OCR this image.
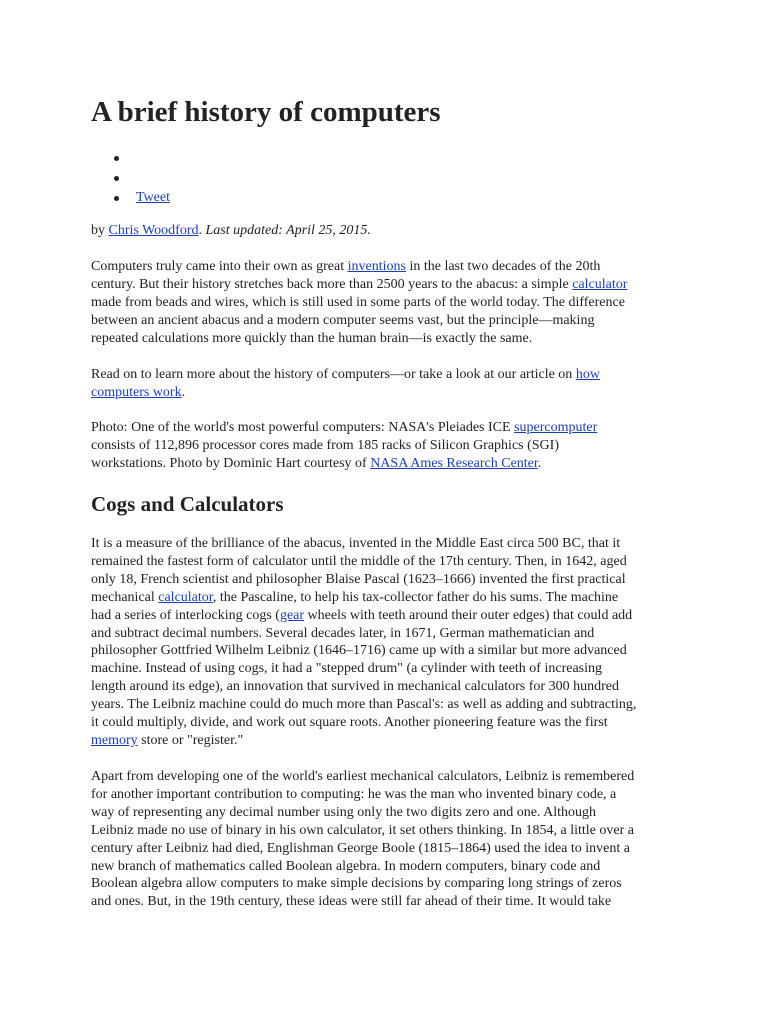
A brief history of computers
Tweet
by Chris Woodford. Last updated: April 25, 2015.

Computers truly came into their own as great inventions in the last two decades of the 20th
century. But their history stretches back more than 2500 years to the abacus: a simple calculator
made from beads and wires, which is still used in some parts of the world today. The difference
between an ancient abacus and a modern computer seems vast, but the principle—making
repeated calculations more quickly than the human brain—is exactly the same.

Read on to learn more about the history of computers—or take a look at our article on how
computers work.

Photo: One of the world's most powerful computers: NASA's Pleiades ICE supercomputer
consists of 112,896 processor cores made from 185 racks of Silicon Graphics (SGI)
workstations. Photo by Dominic Hart courtesy of NASA Ames Research Center.

Cogs and Calculators

It is a measure of the brilliance of the abacus, invented in the Middle East circa 500 BC, that it
remained the fastest form of calculator until the middle of the 17th century. Then, in 1642, aged
only 18, French scientist and philosopher Blaise Pascal (1623–1666) invented the first practical
mechanical calculator, the Pascaline, to help his tax-collector father do his sums. The machine
had a series of interlocking cogs (gear wheels with teeth around their outer edges) that could add
and subtract decimal numbers. Several decades later, in 1671, German mathematician and
philosopher Gottfried Wilhelm Leibniz (1646–1716) came up with a similar but more advanced
machine. Instead of using cogs, it had a "stepped drum" (a cylinder with teeth of increasing
length around its edge), an innovation that survived in mechanical calculators for 300 hundred
years. The Leibniz machine could do much more than Pascal's: as well as adding and subtracting,
it could multiply, divide, and work out square roots. Another pioneering feature was the first
memory store or "register."

Apart from developing one of the world's earliest mechanical calculators, Leibniz is remembered
for another important contribution to computing: he was the man who invented binary code, a
way of representing any decimal number using only the two digits zero and one. Although
Leibniz made no use of binary in his own calculator, it set others thinking. In 1854, a little over a
century after Leibniz had died, Englishman George Boole (1815–1864) used the idea to invent a
new branch of mathematics called Boolean algebra. In modern computers, binary code and
Boolean algebra allow computers to make simple decisions by comparing long strings of zeros
and ones. But, in the 19th century, these ideas were still far ahead of their time. It would take
